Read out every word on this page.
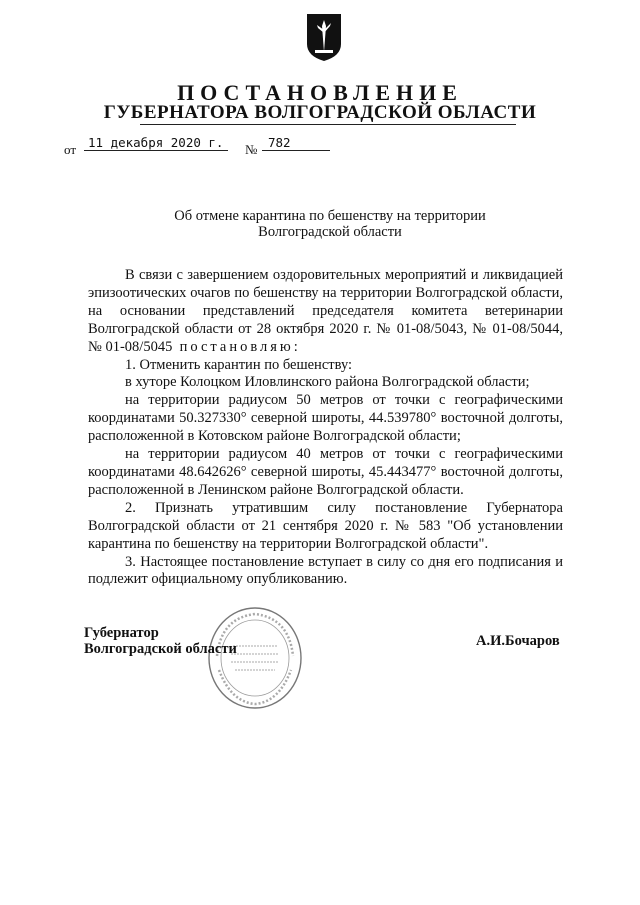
ПОСТАНОВЛЕНИЕ
ГУБЕРНАТОРА ВОЛГОГРАДСКОЙ ОБЛАСТИ
от 11 декабря 2020 г.	№ 782
Об отмене карантина по бешенству на территории
Волгоградской области

В связи с завершением оздоровительных мероприятий и ликвидацией эпизоотических очагов по бешенству на территории Волгоградской области, на основании представлений председателя комитета ветеринарии Волгоградской области от 28 октября 2020 г. № 01-08/5043, № 01-08/5044, № 01-08/5045 постановляю:

1. Отменить карантин по бешенству:

в хуторе Колоцком Иловлинского района Волгоградской области;

на территории радиусом 50 метров от точки с географическими координатами 50.327330° северной широты, 44.539780° восточной долготы, расположенной в Котовском районе Волгоградской области;

на территории радиусом 40 метров от точки с географическими координатами 48.642626° северной широты, 45.443477° восточной долготы, расположенной в Ленинском районе Волгоградской области.

2. Признать утратившим силу постановление Губернатора Волгоградской области от 21 сентября 2020 г. № 583 "Об установлении карантина по бешенству на территории Волгоградской области".

3. Настоящее постановление вступает в силу со дня его подписания и подлежит официальному опубликованию.

Губернатор
Волгоградской области	А.И.Бочаров
